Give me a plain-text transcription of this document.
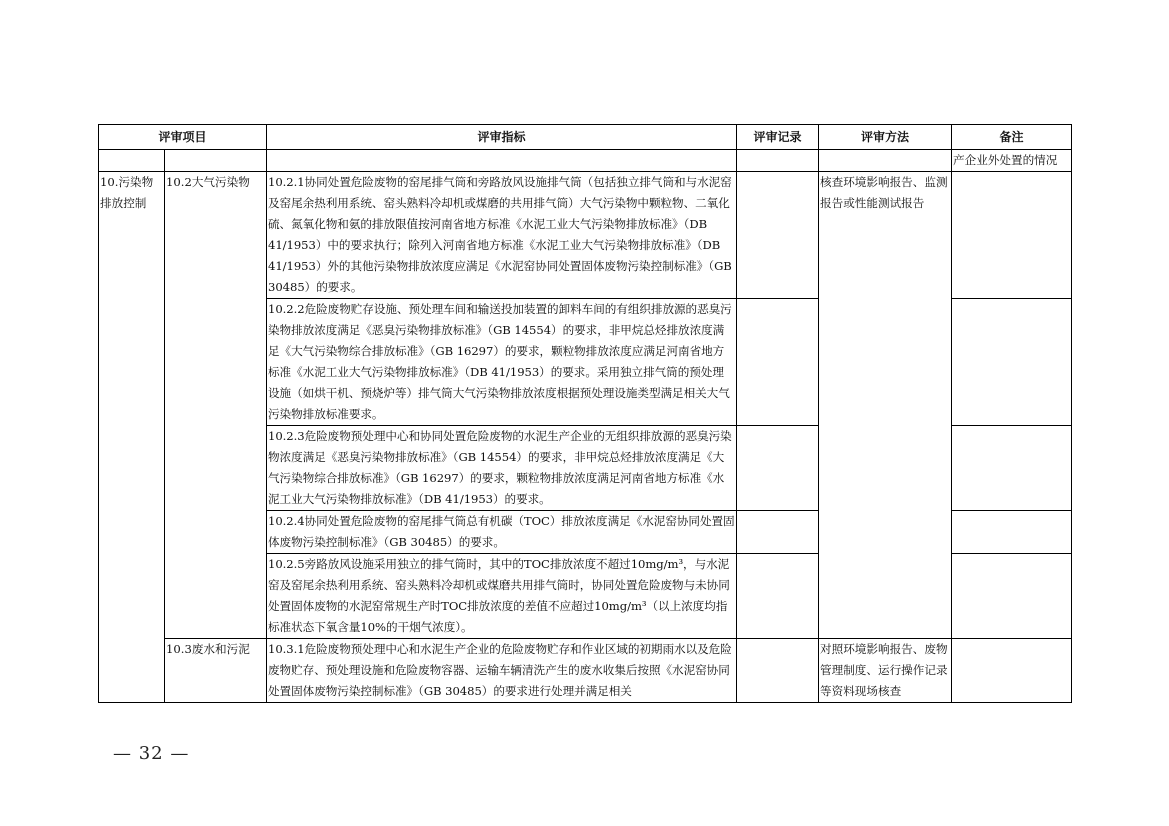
评审项目		评审指标	评审记录	评审方法	备注
					产企业外处置的情况
10.污染物排放控制	10.2大气污染物	10.2.1协同处置危险废物的窑尾排气筒和旁路放风设施排气筒（包括独立排气筒和与水泥窑及窑尾余热利用系统、窑头熟料冷却机或煤磨的共用排气筒）大气污染物中颗粒物、二氧化硫、氮氧化物和氨的排放限值按河南省地方标准《水泥工业大气污染物排放标准》（DB 41/1953）中的要求执行；除列入河南省地方标准《水泥工业大气污染物排放标准》（DB 41/1953）外的其他污染物排放浓度应满足《水泥窑协同处置固体废物污染控制标准》（GB 30485）的要求。		核查环境影响报告、监测报告或性能测试报告	
		10.2.2危险废物贮存设施、预处理车间和输送投加装置的卸料车间的有组织排放源的恶臭污染物排放浓度满足《恶臭污染物排放标准》（GB 14554）的要求，非甲烷总烃排放浓度满足《大气污染物综合排放标准》（GB 16297）的要求，颗粒物排放浓度应满足河南省地方标准《水泥工业大气污染物排放标准》（DB 41/1953）的要求。采用独立排气筒的预处理设施（如烘干机、预烧炉等）排气筒大气污染物排放浓度根据预处理设施类型满足相关大气污染物排放标准要求。			
		10.2.3危险废物预处理中心和协同处置危险废物的水泥生产企业的无组织排放源的恶臭污染物浓度满足《恶臭污染物排放标准》（GB 14554）的要求，非甲烷总烃排放浓度满足《大气污染物综合排放标准》（GB 16297）的要求，颗粒物排放浓度满足河南省地方标准《水泥工业大气污染物排放标准》（DB 41/1953）的要求。			
		10.2.4协同处置危险废物的窑尾排气筒总有机碳（TOC）排放浓度满足《水泥窑协同处置固体废物污染控制标准》（GB 30485）的要求。			
		10.2.5旁路放风设施采用独立的排气筒时，其中的TOC排放浓度不超过10mg/m³，与水泥窑及窑尾余热利用系统、窑头熟料冷却机或煤磨共用排气筒时，协同处置危险废物与未协同处置固体废物的水泥窑常规生产时TOC排放浓度的差值不应超过10mg/m³（以上浓度均指标准状态下氧含量10%的干烟气浓度）。			
	10.3废水和污泥	10.3.1危险废物预处理中心和水泥生产企业的危险废物贮存和作业区域的初期雨水以及危险废物贮存、预处理设施和危险废物容器、运输车辆清洗产生的废水收集后按照《水泥窑协同处置固体废物污染控制标准》（GB 30485）的要求进行处理并满足相关		对照环境影响报告、废物管理制度、运行操作记录等资料现场核查	
— 32 —
